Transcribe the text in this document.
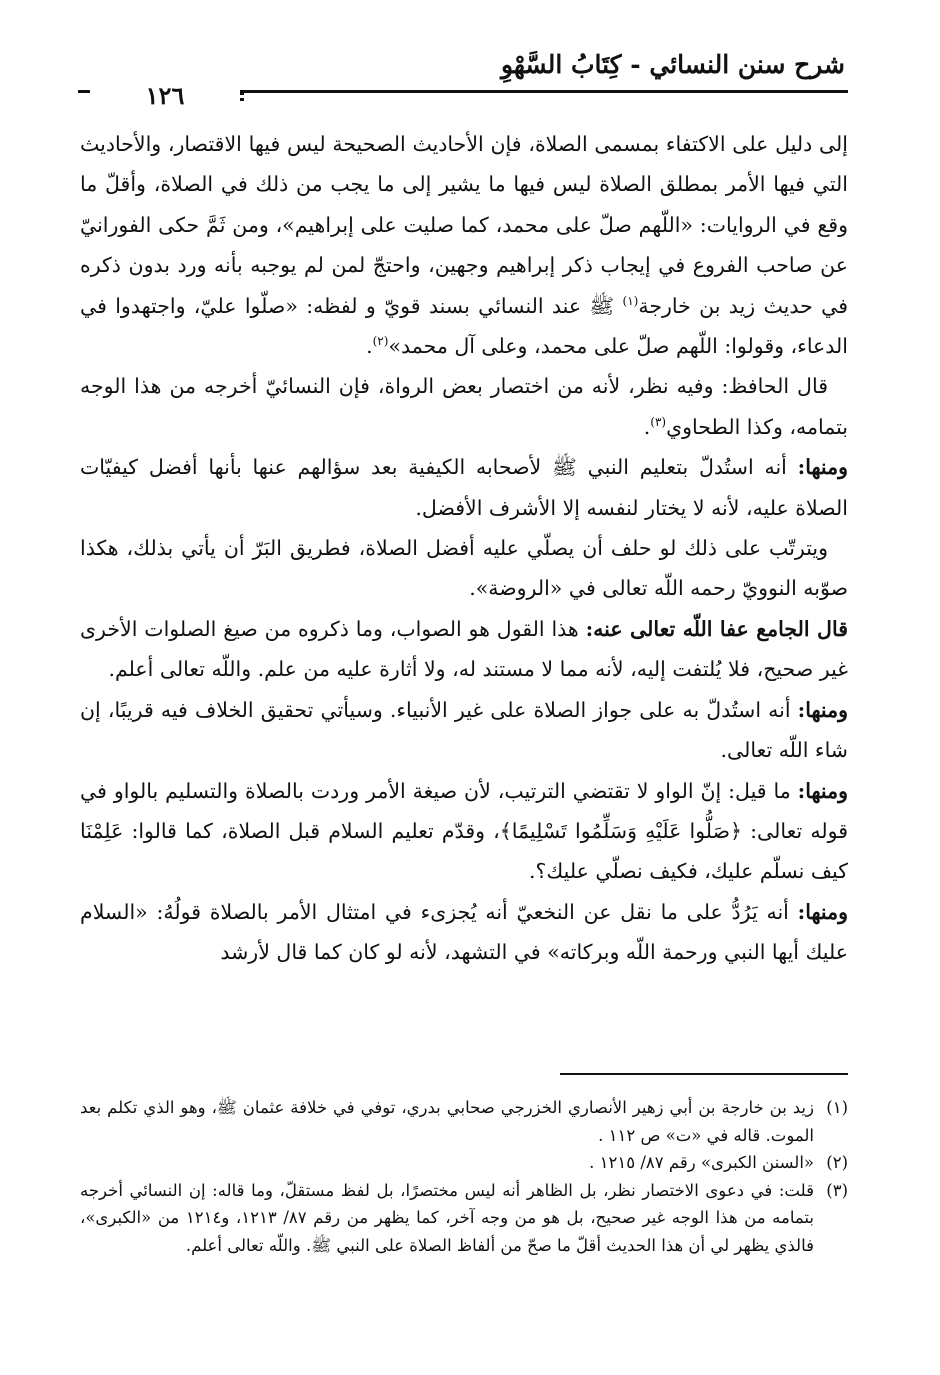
شرح سنن النسائي - كِتَابُ السَّهْوِ
١٢٦

إلى دليل على الاكتفاء بمسمى الصلاة، فإن الأحاديث الصحيحة ليس فيها الاقتصار، والأحاديث التي فيها الأمر بمطلق الصلاة ليس فيها ما يشير إلى ما يجب من ذلك في الصلاة، وأقلّ ما وقع في الروايات: «اللّهم صلّ على محمد، كما صليت على إبراهيم»، ومن ثَمَّ حكى الفورانيّ عن صاحب الفروع في إيجاب ذكر إبراهيم وجهين، واحتجّ لمن لم يوجبه بأنه ورد بدون ذكره في حديث زيد بن خارجة$^{(١)}$ ﷺ عند النسائي بسند قويّ و لفظه: «صلّوا عليّ، واجتهدوا في الدعاء، وقولوا: اللّهم صلّ على محمد، وعلى آل محمد»$^{(٢)}$.

قال الحافظ: وفيه نظر، لأنه من اختصار بعض الرواة، فإن النسائيّ أخرجه من هذا الوجه بتمامه، وكذا الطحاوي$^{(٣)}$.

ومنها: أنه استُدلّ بتعليم النبي ﷺ لأصحابه الكيفية بعد سؤالهم عنها بأنها أفضل كيفيّات الصلاة عليه، لأنه لا يختار لنفسه إلا الأشرف الأفضل.

ويترتّب على ذلك لو حلف أن يصلّي عليه أفضل الصلاة، فطريق البَرّ أن يأتي بذلك، هكذا صوّبه النوويّ رحمه اللّه تعالى في «الروضة».

قال الجامع عفا اللّه تعالى عنه: هذا القول هو الصواب، وما ذكروه من صيغ الصلوات الأخرى غير صحيح، فلا يُلتفت إليه، لأنه مما لا مستند له، ولا أثارة عليه من علم. واللّه تعالى أعلم.

ومنها: أنه استُدلّ به على جواز الصلاة على غير الأنبياء. وسيأتي تحقيق الخلاف فيه قريبًا، إن شاء اللّه تعالى.

ومنها: ما قيل: إنّ الواو لا تقتضي الترتيب، لأن صيغة الأمر وردت بالصلاة والتسليم بالواو في قوله تعالى: ﴿صَلُّوا عَلَيْهِ وَسَلِّمُوا تَسْلِيمًا﴾، وقدّم تعليم السلام قبل الصلاة، كما قالوا: عَلِمْنَا كيف نسلّم عليك، فكيف نصلّي عليك؟.

ومنها: أنه يَرُدُّ على ما نقل عن النخعيّ أنه يُجزىء في امتثال الأمر بالصلاة قولُهُ: «السلام عليك أيها النبي ورحمة اللّه وبركاته» في التشهد، لأنه لو كان كما قال لأرشد

(١)
زيد بن خارجة بن أبي زهير الأنصاري الخزرجي صحابي بدري، توفي في خلافة عثمان ﷺ، وهو الذي تكلم بعد الموت. قاله في «ت» ص ١١٢ .
(٢)
«السنن الكبرى» رقم ٨٧/ ١٢١٥ .
(٣)
قلت: في دعوى الاختصار نظر، بل الظاهر أنه ليس مختصرًا، بل لفظ مستقلّ، وما قاله: إن النسائي أخرجه بتمامه من هذا الوجه غير صحيح، بل هو من وجه آخر، كما يظهر من رقم ٨٧/ ١٢١٣، و١٢١٤ من «الكبرى»، فالذي يظهر لي أن هذا الحديث أقلّ ما صحّ من ألفاظ الصلاة على النبي ﷺ. واللّه تعالى أعلم.
